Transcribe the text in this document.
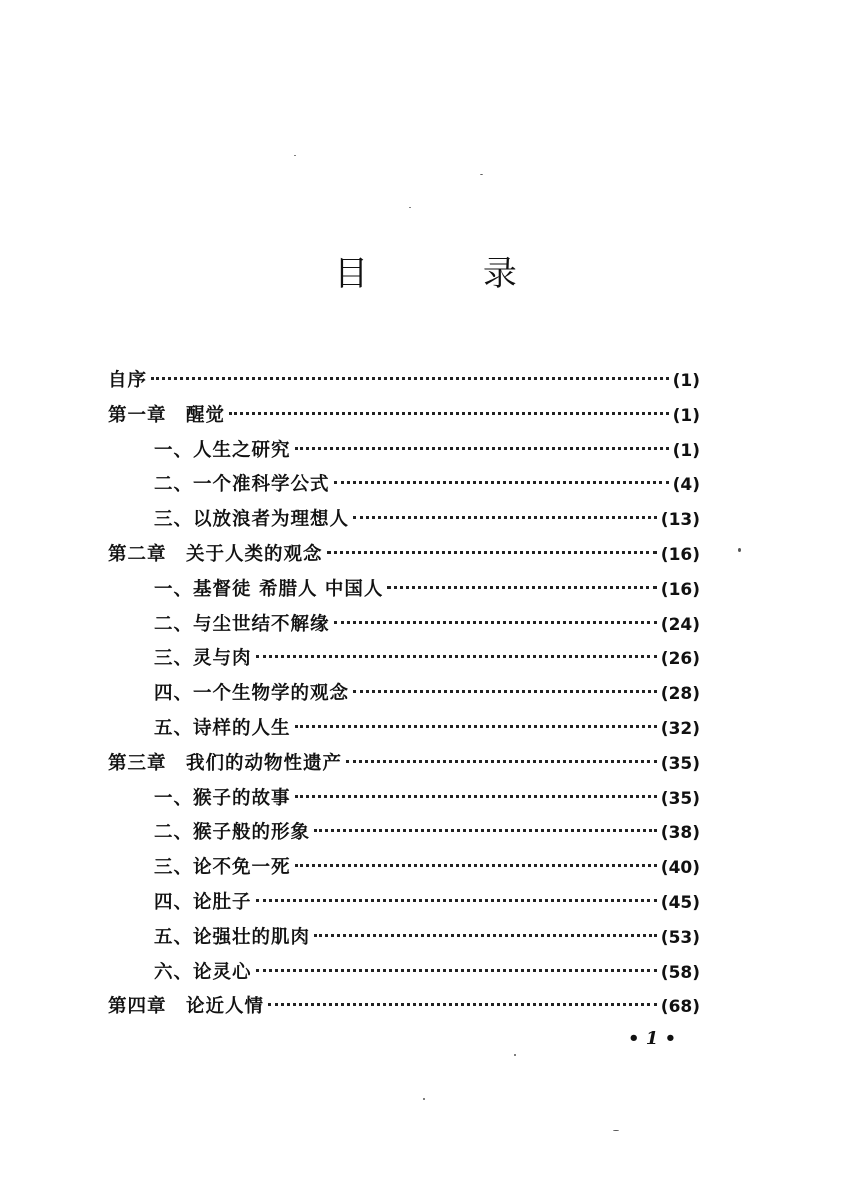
目 录
自序	(1)
第一章　醒觉	(1)
一、人生之研究	(1)
二、一个准科学公式	(4)
三、以放浪者为理想人	(13)
第二章　关于人类的观念	(16)
一、基督徒 希腊人 中国人	(16)
二、与尘世结不解缘	(24)
三、灵与肉	(26)
四、一个生物学的观念	(28)
五、诗样的人生	(32)
第三章　我们的动物性遗产	(35)
一、猴子的故事	(35)
二、猴子般的形象	(38)
三、论不免一死	(40)
四、论肚子	(45)
五、论强壮的肌肉	(53)
六、论灵心	(58)
第四章　论近人情	(68)
• 1 •
